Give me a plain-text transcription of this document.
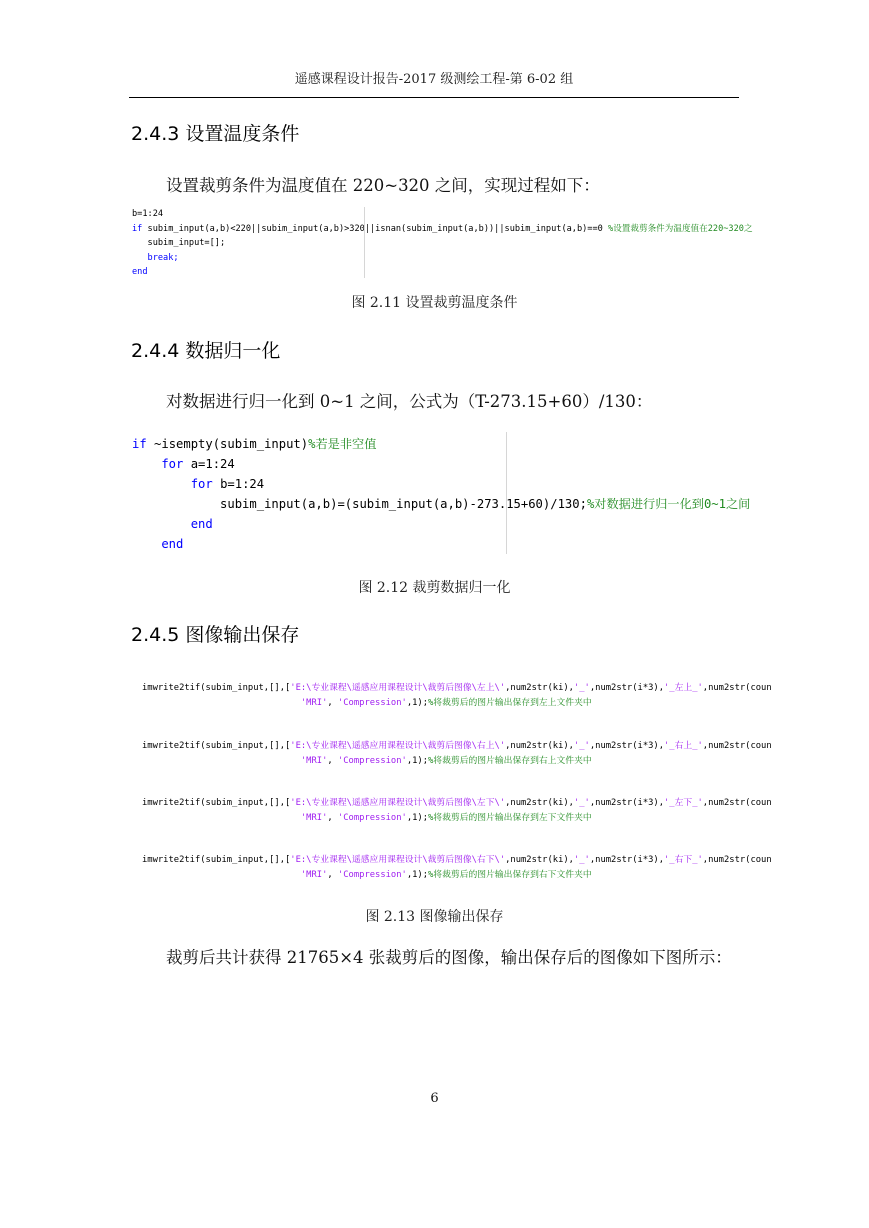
遥感课程设计报告-2017 级测绘工程-第 6-02 组
2.4.3 设置温度条件
设置裁剪条件为温度值在 220~320 之间，实现过程如下：
b=1:24
if subim_input(a,b)<220||subim_input(a,b)>320||isnan(subim_input(a,b))||subim_input(a,b)==0 %设置裁剪条件为温度值在220~320之
subim_input=[];
break;
end
图 2.11 设置裁剪温度条件
2.4.4 数据归一化
对数据进行归一化到 0~1 之间，公式为（T-273.15+60）/130：
if ~isempty(subim_input)%若是非空值
for a=1:24
for b=1:24
subim_input(a,b)=(subim_input(a,b)-273.15+60)/130;%对数据进行归一化到0~1之间
end
end
图 2.12 裁剪数据归一化
2.4.5 图像输出保存
imwrite2tif(subim_input,[],['E:\专业课程\遥感应用课程设计\裁剪后图像\左上\',num2str(ki),'_',num2str(i*3),'_左上_',num2str(coun
'MRI', 'Compression',1);%将裁剪后的图片输出保存到左上文件夹中
imwrite2tif(subim_input,[],['E:\专业课程\遥感应用课程设计\裁剪后图像\右上\',num2str(ki),'_',num2str(i*3),'_右上_',num2str(coun
'MRI', 'Compression',1);%将裁剪后的图片输出保存到右上文件夹中
imwrite2tif(subim_input,[],['E:\专业课程\遥感应用课程设计\裁剪后图像\左下\',num2str(ki),'_',num2str(i*3),'_左下_',num2str(coun
'MRI', 'Compression',1);%将裁剪后的图片输出保存到左下文件夹中
imwrite2tif(subim_input,[],['E:\专业课程\遥感应用课程设计\裁剪后图像\右下\',num2str(ki),'_',num2str(i*3),'_右下_',num2str(coun
'MRI', 'Compression',1);%将裁剪后的图片输出保存到右下文件夹中
图 2.13 图像输出保存
裁剪后共计获得 21765×4 张裁剪后的图像，输出保存后的图像如下图所示：
6
